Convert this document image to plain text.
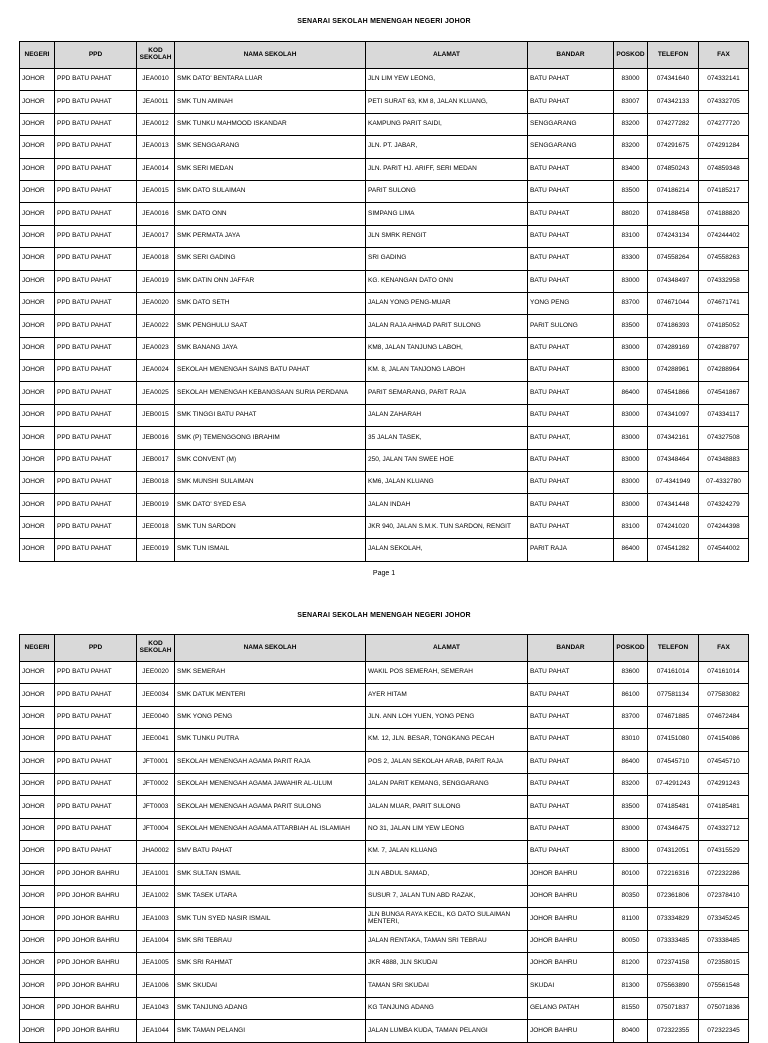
SENARAI SEKOLAH MENENGAH NEGERI JOHOR
NEGERI	PPD	KOD SEKOLAH	NAMA SEKOLAH	ALAMAT	BANDAR	POSKOD	TELEFON	FAX
JOHOR	PPD BATU PAHAT	JEA0010	SMK DATO' BENTARA LUAR	JLN LIM YEW LEONG,	BATU PAHAT	83000	074341640	074332141
JOHOR	PPD BATU PAHAT	JEA0011	SMK TUN AMINAH	PETI SURAT 63, KM 8, JALAN KLUANG,	BATU PAHAT	83007	074342133	074332705
JOHOR	PPD BATU PAHAT	JEA0012	SMK TUNKU MAHMOOD ISKANDAR	KAMPUNG PARIT SAIDI,	SENGGARANG	83200	074277282	074277720
JOHOR	PPD BATU PAHAT	JEA0013	SMK SENGGARANG	JLN. PT. JABAR,	SENGGARANG	83200	074291675	074291284
JOHOR	PPD BATU PAHAT	JEA0014	SMK SERI MEDAN	JLN. PARIT HJ. ARIFF, SERI MEDAN	BATU PAHAT	83400	074850243	074859348
JOHOR	PPD BATU PAHAT	JEA0015	SMK DATO SULAIMAN	PARIT SULONG	BATU PAHAT	83500	074186214	074185217
JOHOR	PPD BATU PAHAT	JEA0016	SMK DATO ONN	SIMPANG LIMA	BATU PAHAT	88020	074188458	074188820
JOHOR	PPD BATU PAHAT	JEA0017	SMK PERMATA JAYA	JLN SMRK RENGIT	BATU PAHAT	83100	074243134	074244402
JOHOR	PPD BATU PAHAT	JEA0018	SMK SERI GADING	SRI GADING	BATU PAHAT	83300	074558264	074558263
JOHOR	PPD BATU PAHAT	JEA0019	SMK DATIN ONN JAFFAR	KG. KENANGAN DATO ONN	BATU PAHAT	83000	074348497	074332958
JOHOR	PPD BATU PAHAT	JEA0020	SMK DATO SETH	JALAN YONG PENG-MUAR	YONG PENG	83700	074671044	074671741
JOHOR	PPD BATU PAHAT	JEA0022	SMK PENGHULU SAAT	JALAN RAJA AHMAD PARIT SULONG	PARIT SULONG	83500	074186393	074185052
JOHOR	PPD BATU PAHAT	JEA0023	SMK BANANG JAYA	KM8, JALAN TANJUNG LABOH,	BATU PAHAT	83000	074289169	074288797
JOHOR	PPD BATU PAHAT	JEA0024	SEKOLAH MENENGAH SAINS BATU PAHAT	KM. 8, JALAN TANJONG LABOH	BATU PAHAT	83000	074288961	074288964
JOHOR	PPD BATU PAHAT	JEA0025	SEKOLAH MENENGAH KEBANGSAAN SURIA PERDANA	PARIT SEMARANG, PARIT RAJA	BATU PAHAT	86400	074541866	074541867
JOHOR	PPD BATU PAHAT	JEB0015	SMK TINGGI BATU PAHAT	JALAN ZAHARAH	BATU PAHAT	83000	074341097	074334117
JOHOR	PPD BATU PAHAT	JEB0016	SMK (P) TEMENGGONG IBRAHIM	35 JALAN TASEK,	BATU PAHAT,	83000	074342161	074327508
JOHOR	PPD BATU PAHAT	JEB0017	SMK CONVENT (M)	250, JALAN TAN SWEE HOE	BATU PAHAT	83000	074348464	074348883
JOHOR	PPD BATU PAHAT	JEB0018	SMK MUNSHI SULAIMAN	KM6, JALAN KLUANG	BATU PAHAT	83000	07-4341949	07-4332780
JOHOR	PPD BATU PAHAT	JEB0019	SMK DATO' SYED ESA	JALAN INDAH	BATU PAHAT	83000	074341448	074324279
JOHOR	PPD BATU PAHAT	JEE0018	SMK TUN SARDON	JKR 940, JALAN S.M.K. TUN SARDON, RENGIT	BATU PAHAT	83100	074241020	074244398
JOHOR	PPD BATU PAHAT	JEE0019	SMK TUN ISMAIL	JALAN SEKOLAH,	PARIT RAJA	86400	074541282	074544002
Page 1
SENARAI SEKOLAH MENENGAH NEGERI JOHOR
NEGERI	PPD	KOD SEKOLAH	NAMA SEKOLAH	ALAMAT	BANDAR	POSKOD	TELEFON	FAX
JOHOR	PPD BATU PAHAT	JEE0020	SMK SEMERAH	WAKIL POS SEMERAH, SEMERAH	BATU PAHAT	83600	074161014	074161014
JOHOR	PPD BATU PAHAT	JEE0034	SMK DATUK MENTERI	AYER HITAM	BATU PAHAT	86100	077581134	077583082
JOHOR	PPD BATU PAHAT	JEE0040	SMK YONG PENG	JLN. ANN LOH YUEN, YONG PENG	BATU PAHAT	83700	074671885	074672484
JOHOR	PPD BATU PAHAT	JEE0041	SMK TUNKU PUTRA	KM. 12, JLN. BESAR, TONGKANG PECAH	BATU PAHAT	83010	074151080	074154086
JOHOR	PPD BATU PAHAT	JFT0001	SEKOLAH MENENGAH AGAMA PARIT RAJA	POS 2, JALAN SEKOLAH ARAB, PARIT RAJA	BATU PAHAT	86400	074545710	074545710
JOHOR	PPD BATU PAHAT	JFT0002	SEKOLAH MENENGAH AGAMA JAWAHIR AL-ULUM	JALAN PARIT KEMANG, SENGGARANG	BATU PAHAT	83200	07-4291243	074291243
JOHOR	PPD BATU PAHAT	JFT0003	SEKOLAH MENENGAH AGAMA PARIT SULONG	JALAN MUAR, PARIT SULONG	BATU PAHAT	83500	074185481	074185481
JOHOR	PPD BATU PAHAT	JFT0004	SEKOLAH MENENGAH AGAMA ATTARBIAH AL ISLAMIAH	NO 31, JALAN LIM YEW LEONG	BATU PAHAT	83000	074346475	074332712
JOHOR	PPD BATU PAHAT	JHA0002	SMV BATU PAHAT	KM. 7, JALAN KLUANG	BATU PAHAT	83000	074312051	074315529
JOHOR	PPD JOHOR BAHRU	JEA1001	SMK SULTAN ISMAIL	JLN ABDUL SAMAD,	JOHOR BAHRU	80100	072216316	072232286
JOHOR	PPD JOHOR BAHRU	JEA1002	SMK TASEK UTARA	SUSUR 7, JALAN TUN ABD RAZAK,	JOHOR BAHRU	80350	072361806	072378410
JOHOR	PPD JOHOR BAHRU	JEA1003	SMK TUN SYED NASIR ISMAIL	JLN BUNGA RAYA KECIL, KG DATO SULAIMAN MENTERI,	JOHOR BAHRU	81100	073334829	073345245
JOHOR	PPD JOHOR BAHRU	JEA1004	SMK SRI TEBRAU	JALAN RENTAKA, TAMAN SRI TEBRAU	JOHOR BAHRU	80050	073333485	073338485
JOHOR	PPD JOHOR BAHRU	JEA1005	SMK SRI RAHMAT	JKR 4888, JLN SKUDAI	JOHOR BAHRU	81200	072374158	072358015
JOHOR	PPD JOHOR BAHRU	JEA1006	SMK SKUDAI	TAMAN SRI SKUDAI	SKUDAI	81300	075563890	075561548
JOHOR	PPD JOHOR BAHRU	JEA1043	SMK TANJUNG ADANG	KG TANJUNG ADANG	GELANG PATAH	81550	075071837	075071836
JOHOR	PPD JOHOR BAHRU	JEA1044	SMK TAMAN PELANGI	JALAN LUMBA KUDA, TAMAN PELANGI	JOHOR BAHRU	80400	072322355	072322345
